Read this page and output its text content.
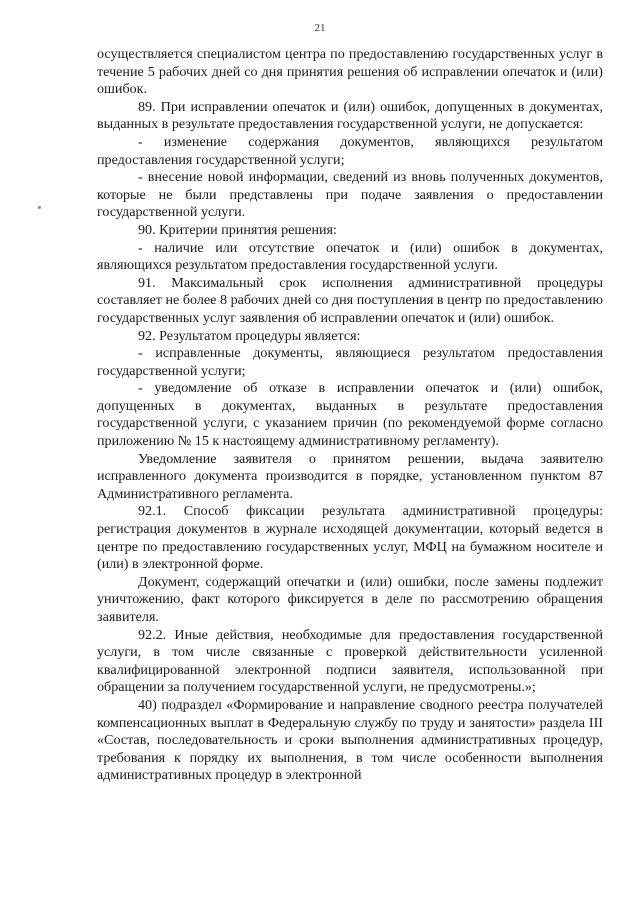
21

осуществляется специалистом центра по предоставлению государственных услуг в течение 5 рабочих дней со дня принятия решения об исправлении опечаток и (или) ошибок.

89. При исправлении опечаток и (или) ошибок, допущенных в документах, выданных в результате предоставления государственной услуги, не допускается:

- изменение содержания документов, являющихся результатом предоставления государственной услуги;

- внесение новой информации, сведений из вновь полученных документов, которые не были представлены при подаче заявления о предоставлении государственной услуги.

90. Критерии принятия решения:

- наличие или отсутствие опечаток и (или) ошибок в документах, являющихся результатом предоставления государственной услуги.

91. Максимальный срок исполнения административной процедуры составляет не более 8 рабочих дней со дня поступления в центр по предоставлению государственных услуг заявления об исправлении опечаток и (или) ошибок.

92. Результатом процедуры является:

- исправленные документы, являющиеся результатом предоставления государственной услуги;

- уведомление об отказе в исправлении опечаток и (или) ошибок, допущенных в документах, выданных в результате предоставления государственной услуги, с указанием причин (по рекомендуемой форме согласно приложению № 15 к настоящему административному регламенту).

Уведомление заявителя о принятом решении, выдача заявителю исправленного документа производится в порядке, установленном пунктом 87 Административного регламента.

92.1. Способ фиксации результата административной процедуры: регистрация документов в журнале исходящей документации, который ведется в центре по предоставлению государственных услуг, МФЦ на бумажном носителе и (или) в электронной форме.

Документ, содержащий опечатки и (или) ошибки, после замены подлежит уничтожению, факт которого фиксируется в деле по рассмотрению обращения заявителя.

92.2. Иные действия, необходимые для предоставления государственной услуги, в том числе связанные с проверкой действительности усиленной квалифицированной электронной подписи заявителя, использованной при обращении за получением государственной услуги, не предусмотрены.»;

40) подраздел «Формирование и направление сводного реестра получателей компенсационных выплат в Федеральную службу по труду и занятости» раздела III «Состав, последовательность и сроки выполнения административных процедур, требования к порядку их выполнения, в том числе особенности выполнения административных процедур в электронной
